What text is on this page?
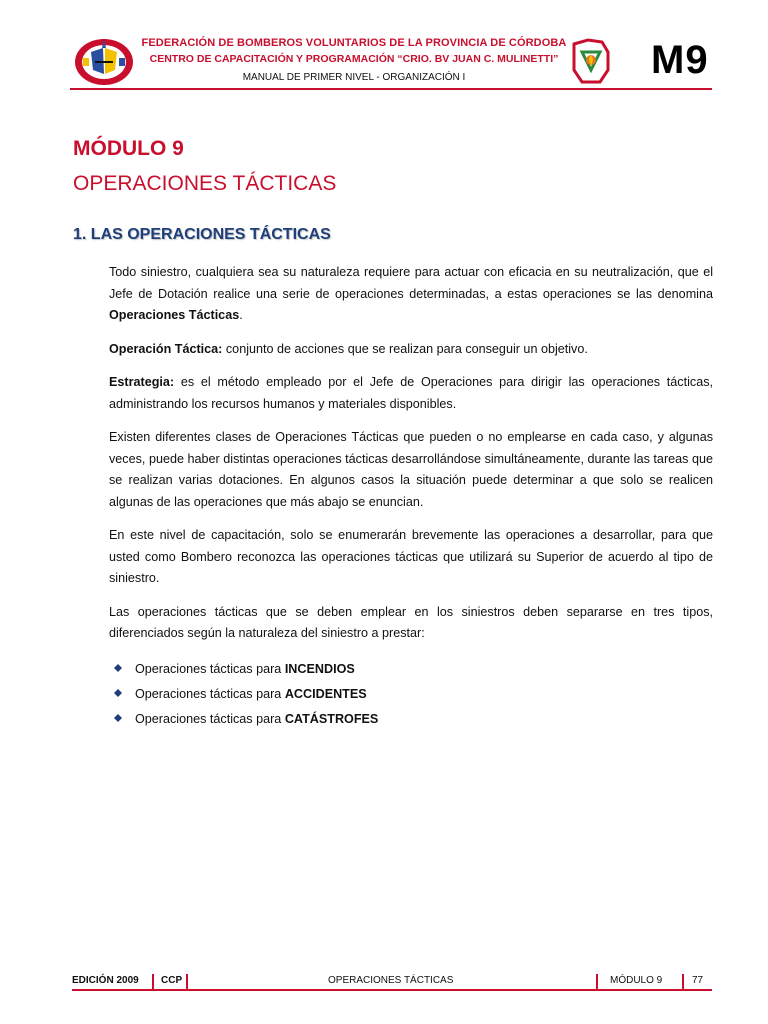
FEDERACIÓN DE BOMBEROS VOLUNTARIOS DE LA PROVINCIA DE CÓRDOBA
CENTRO DE CAPACITACIÓN Y PROGRAMACIÓN “CRIO. BV JUAN C. MULINETTI”
MANUAL DE PRIMER NIVEL - ORGANIZACIÓN I	M9
MÓDULO 9
OPERACIONES TÁCTICAS
1. LAS OPERACIONES TÁCTICAS

Todo siniestro, cualquiera sea su naturaleza requiere para actuar con eficacia en su neutralización, que el Jefe de Dotación realice una serie de operaciones determinadas, a estas operaciones se las denomina Operaciones Tácticas.

Operación Táctica: conjunto de acciones que se realizan para conseguir un objetivo.

Estrategia: es el método empleado por el Jefe de Operaciones para dirigir las operaciones tácticas, administrando los recursos humanos y materiales disponibles.

Existen diferentes clases de Operaciones Tácticas que pueden o no emplearse en cada caso, y algunas veces, puede haber distintas operaciones tácticas desarrollándose simultáneamente, durante las tareas que se realizan varias dotaciones. En algunos casos la situación puede determinar a que solo se realicen algunas de las operaciones que más abajo se enuncian.

En este nivel de capacitación, solo se enumerarán brevemente las operaciones a desarrollar, para que usted como Bombero reconozca las operaciones tácticas que utilizará su Superior de acuerdo al tipo de siniestro.

Las operaciones tácticas que se deben emplear en los siniestros deben separarse en tres tipos, diferenciados según la naturaleza del siniestro a prestar:

Operaciones tácticas para INCENDIOS
Operaciones tácticas para ACCIDENTES
Operaciones tácticas para CATÁSTROFES
EDICIÓN 2009 CCP	OPERACIONES TÁCTICAS	MÓDULO 9	77
